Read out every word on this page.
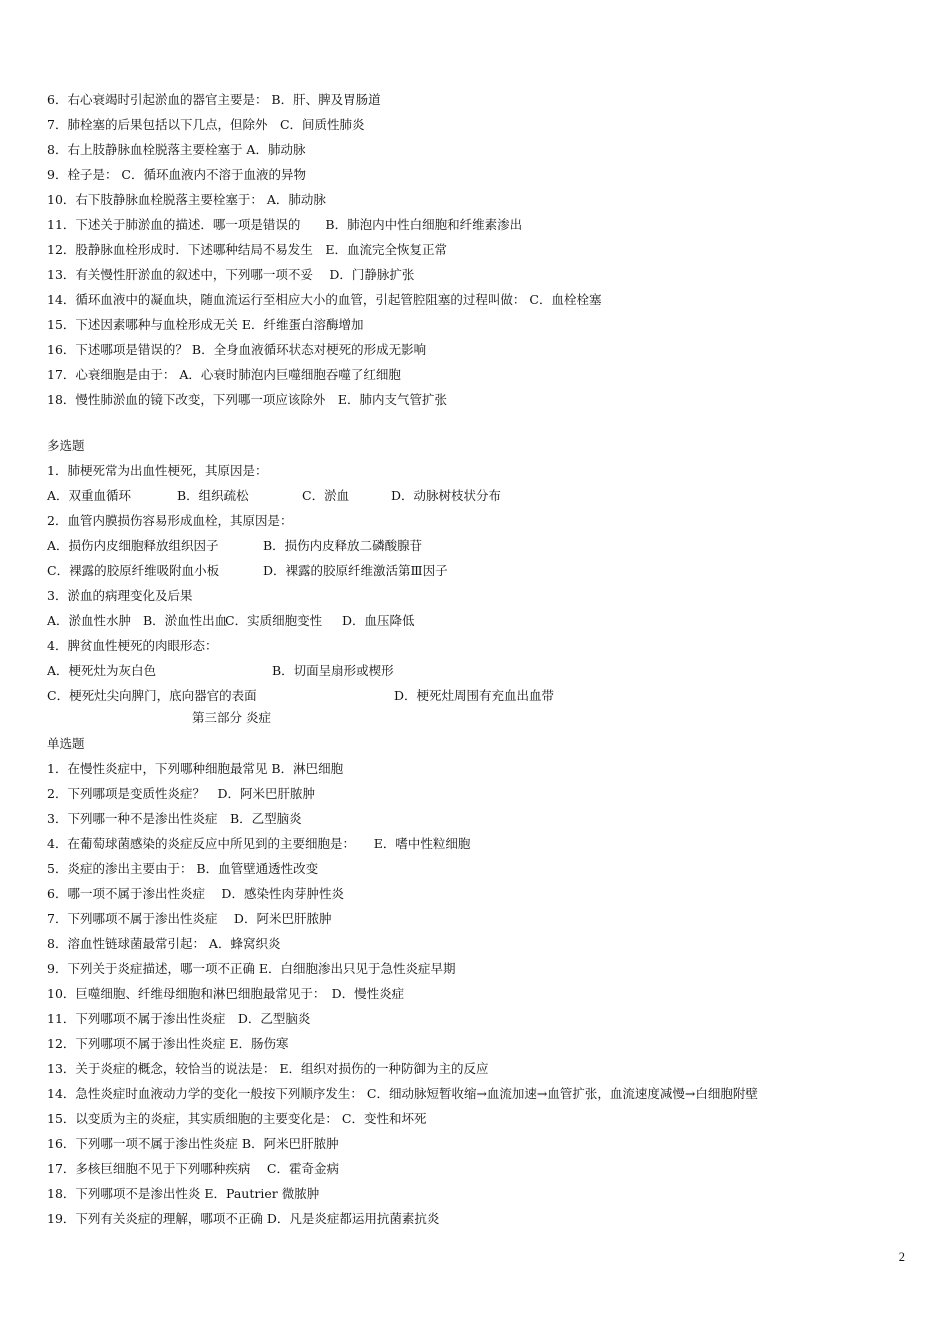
6．右心衰竭时引起淤血的器官主要是： B．肝、脾及胃肠道
7．肺栓塞的后果包括以下几点，但除外　C．间质性肺炎
8．右上肢静脉血栓脱落主要栓塞于 A．肺动脉
9．栓子是： C．循环血液内不溶于血液的异物
10．右下肢静脉血栓脱落主要栓塞于： A．肺动脉
11．下述关于肺淤血的描述．哪一项是错误的　　B．肺泡内中性白细胞和纤维素渗出
12．股静脉血栓形成时．下述哪种结局不易发生　E．血流完全恢复正常
13．有关慢性肝淤血的叙述中，下列哪一项不妥　 D．门静脉扩张
14．循环血液中的凝血块，随血流运行至相应大小的血管，引起管腔阻塞的过程叫做： C．血栓栓塞
15．下述因素哪种与血栓形成无关 E．纤维蛋白溶酶增加
16．下述哪项是错误的？ B．全身血液循环状态对梗死的形成无影响
17．心衰细胞是由于： A．心衰时肺泡内巨噬细胞吞噬了红细胞
18．慢性肺淤血的镜下改变，下列哪一项应该除外　E．肺内支气管扩张
多选题
1．肺梗死常为出血性梗死，其原因是：
A．双重血循环	B．组织疏松	C．淤血	D．动脉树枝状分布
2．血管内膜损伤容易形成血栓，其原因是：
A．损伤内皮细胞释放组织因子	B．损伤内皮释放二磷酸腺苷
C．裸露的胶原纤维吸附血小板	D．裸露的胶原纤维激活第Ⅲ因子
3．淤血的病理变化及后果
A．淤血性水肿 B．淤血性出血C．实质细胞变性 D．血压降低
4．脾贫血性梗死的肉眼形态：
A．梗死灶为灰白色	B．切面呈扇形或楔形
C．梗死灶尖向脾门，底向器官的表面	D．梗死灶周围有充血出血带
第三部分 炎症
单选题
1．在慢性炎症中，下列哪种细胞最常见 B．淋巴细胞
2．下列哪项是变质性炎症？　D．阿米巴肝脓肿
3．下列哪一种不是渗出性炎症　B．乙型脑炎
4．在葡萄球菌感染的炎症反应中所见到的主要细胞是：　　E．嗜中性粒细胞
5．炎症的渗出主要由于： B．血管壁通透性改变
6．哪一项不属于渗出性炎症　 D．感染性肉芽肿性炎
7．下列哪项不属于渗出性炎症　 D．阿米巴肝脓肿
8．溶血性链球菌最常引起： A．蜂窝织炎
9．下列关于炎症描述，哪一项不正确 E．白细胞渗出只见于急性炎症早期
10．巨噬细胞、纤维母细胞和淋巴细胞最常见于：　D．慢性炎症
11．下列哪项不属于渗出性炎症　D．乙型脑炎
12．下列哪项不属于渗出性炎症 E．肠伤寒
13．关于炎症的概念，较恰当的说法是： E．组织对损伤的一种防御为主的反应
14．急性炎症时血液动力学的变化一般按下列顺序发生： C．细动脉短暂收缩→血流加速→血管扩张，血流速度减慢→白细胞附壁
15．以变质为主的炎症，其实质细胞的主要变化是： C．变性和坏死
16．下列哪一项不属于渗出性炎症 B．阿米巴肝脓肿
17．多核巨细胞不见于下列哪种疾病　 C．霍奇金病
18．下列哪项不是渗出性炎 E．Pautrier 微脓肿
19．下列有关炎症的理解，哪项不正确 D．凡是炎症都运用抗菌素抗炎
2
